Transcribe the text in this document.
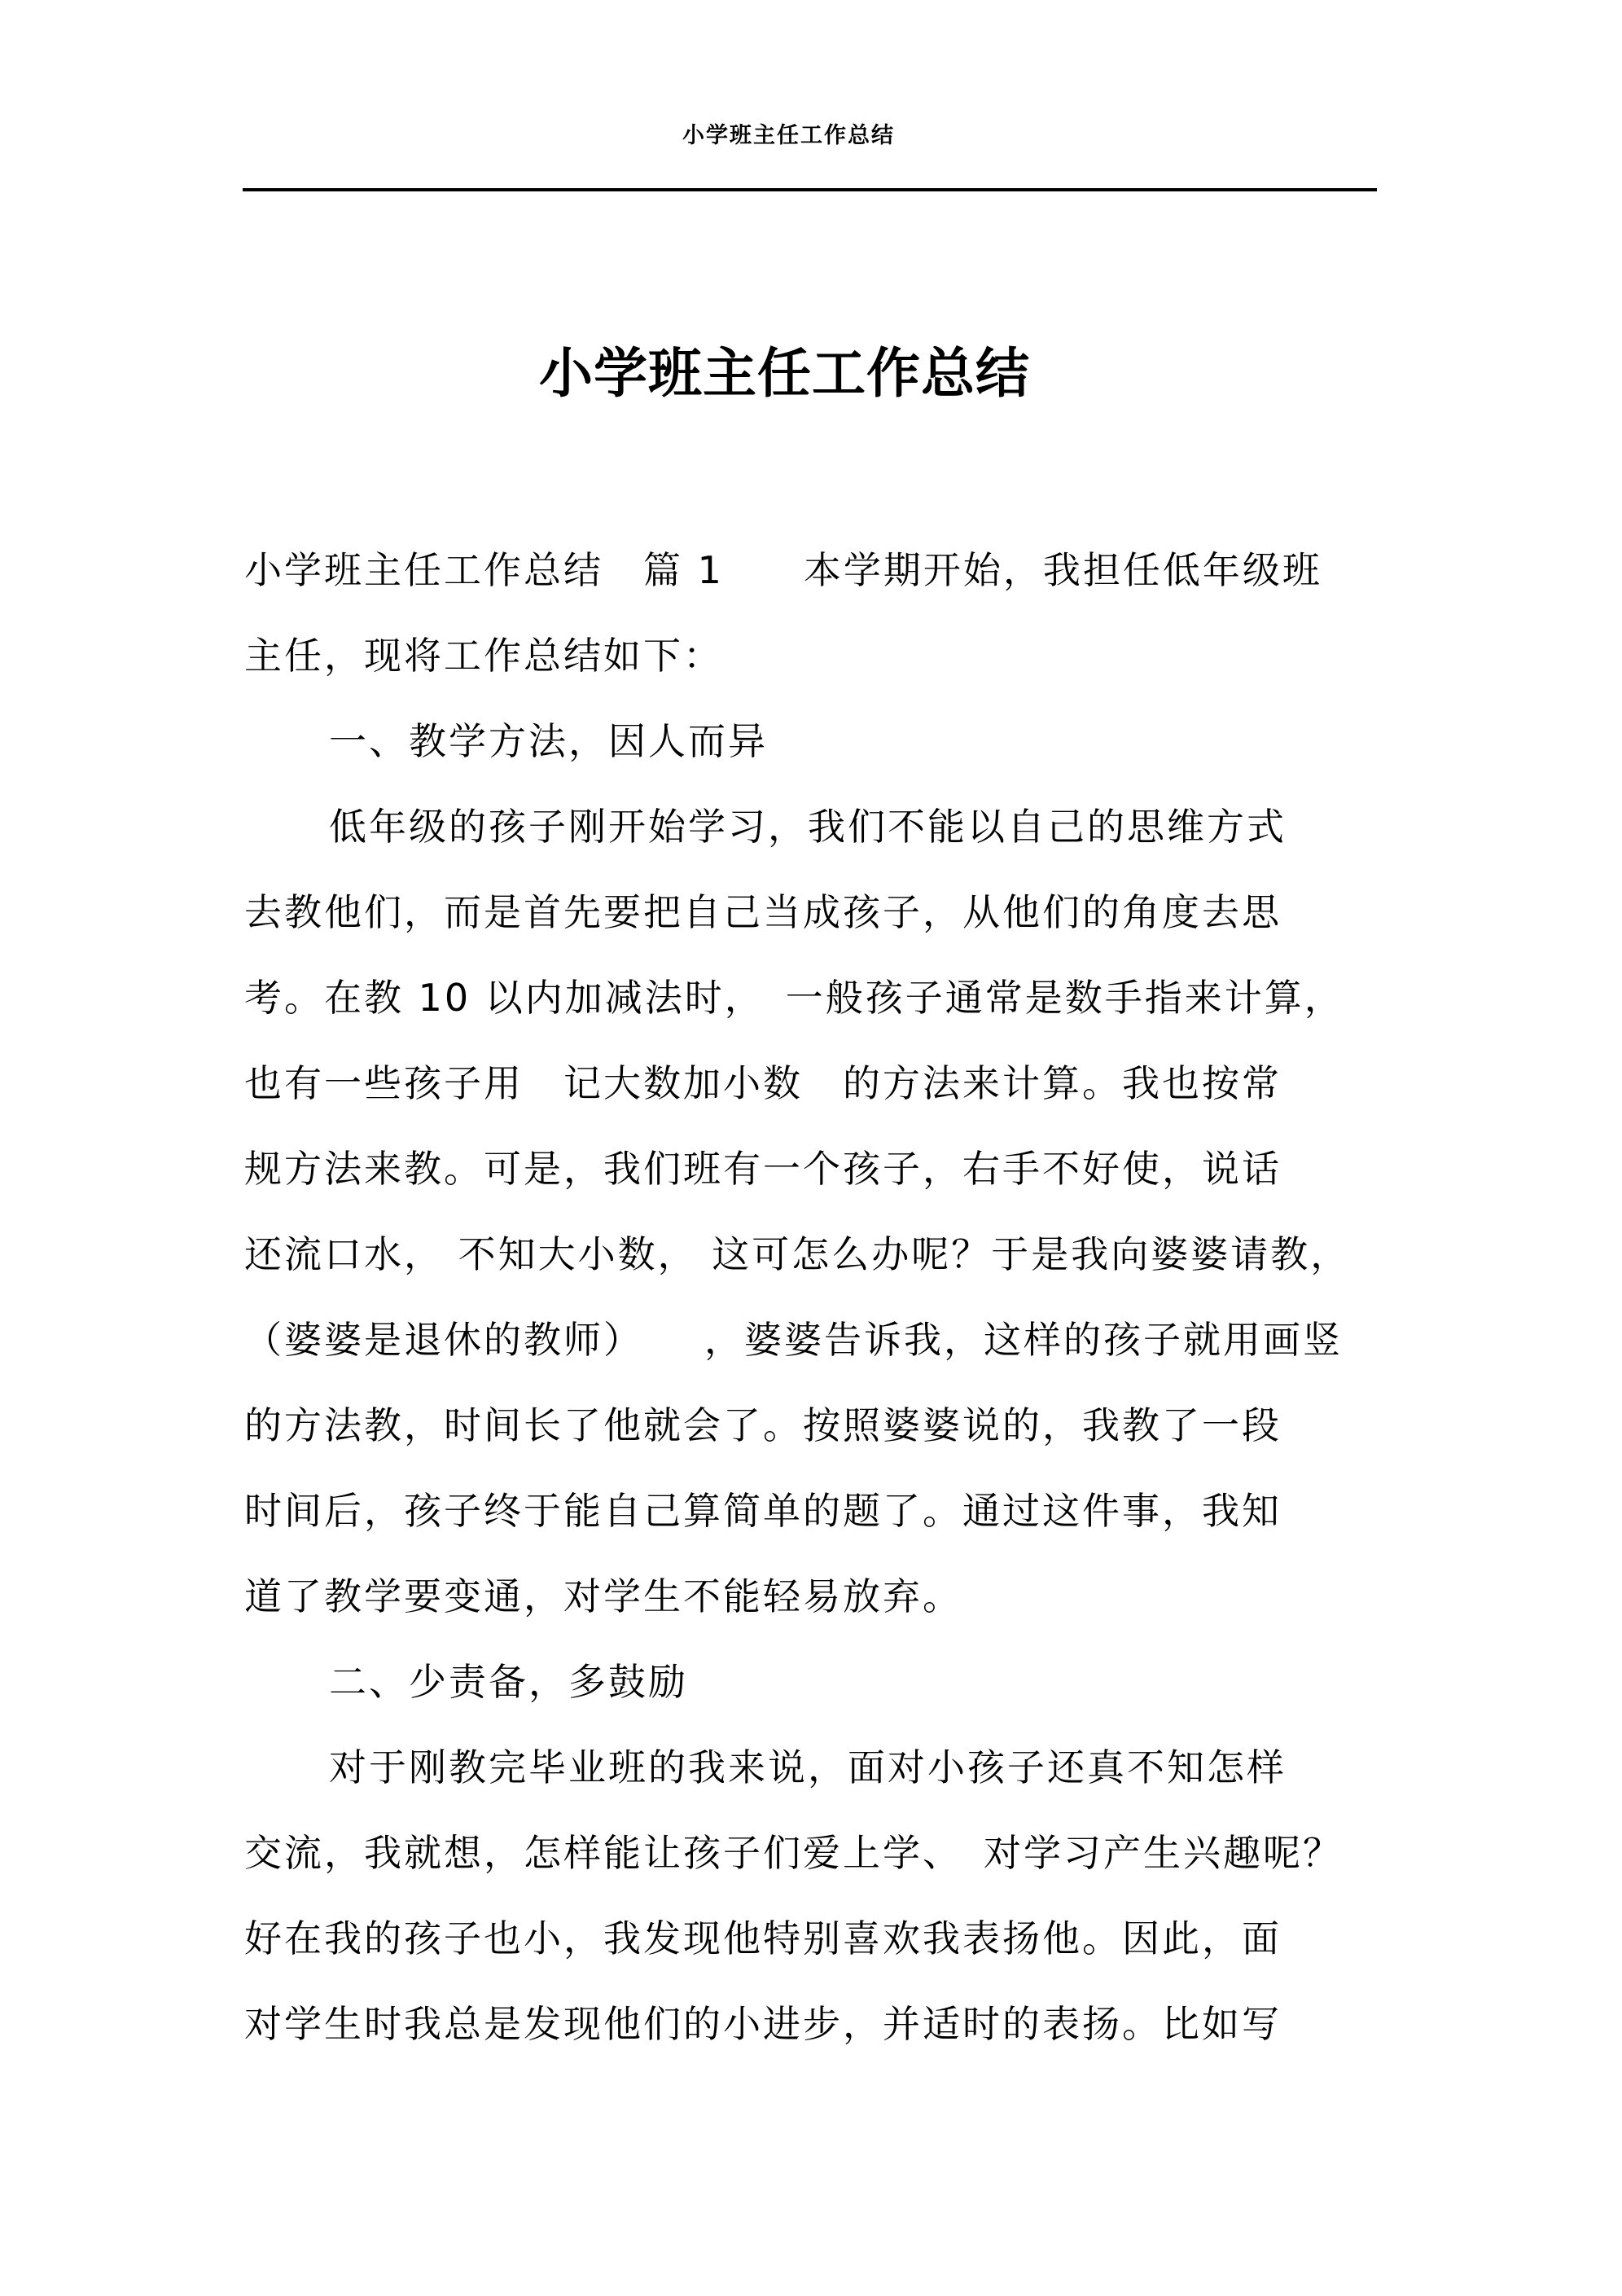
小学班主任工作总结
小学班主任工作总结
小学班主任工作总结　篇 1　　本学期开始，我担任低年级班
主任，现将工作总结如下：
一、教学方法，因人而异
低年级的孩子刚开始学习，我们不能以自己的思维方式
去教他们，而是首先要把自己当成孩子，从他们的角度去思
考。在教 10 以内加减法时，　一般孩子通常是数手指来计算，
也有一些孩子用　记大数加小数　的方法来计算。我也按常
规方法来教。可是，我们班有一个孩子，右手不好使，说话
还流口水， 不知大小数， 这可怎么办呢？于是我向婆婆请教，
（婆婆是退休的教师）　　，婆婆告诉我，这样的孩子就用画竖
的方法教，时间长了他就会了。按照婆婆说的，我教了一段
时间后，孩子终于能自己算简单的题了。通过这件事，我知
道了教学要变通，对学生不能轻易放弃。
二、少责备，多鼓励
对于刚教完毕业班的我来说，面对小孩子还真不知怎样
交流，我就想，怎样能让孩子们爱上学、　对学习产生兴趣呢？
好在我的孩子也小，我发现他特别喜欢我表扬他。因此，面
对学生时我总是发现他们的小进步，并适时的表扬。比如写
